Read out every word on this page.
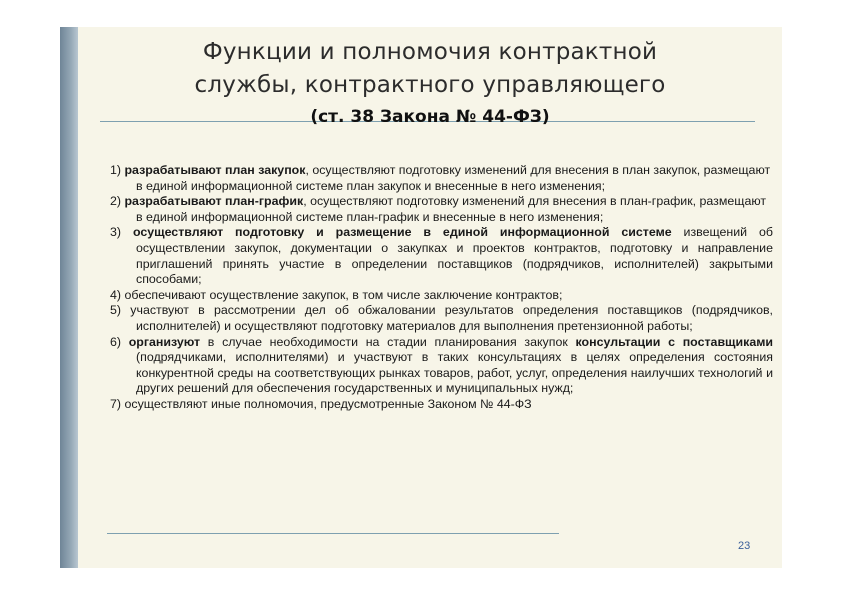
Функции и полномочия контрактной
службы, контрактного управляющего
(ст. 38 Закона № 44-ФЗ)

1) разрабатывают план закупок, осуществляют подготовку изменений для внесения в план закупок, размещают в единой информационной системе план закупок и внесенные в него изменения;

2) разрабатывают план-график, осуществляют подготовку изменений для внесения в план-график, размещают в единой информационной системе план-график и внесенные в него изменения;

3) осуществляют подготовку и размещение в единой информационной системе извещений об осуществлении закупок, документации о закупках и проектов контрактов, подготовку и направление приглашений принять участие в определении поставщиков (подрядчиков, исполнителей) закрытыми способами;

4) обеспечивают осуществление закупок, в том числе заключение контрактов;

5) участвуют в рассмотрении дел об обжаловании результатов определения поставщиков (подрядчиков, исполнителей) и осуществляют подготовку материалов для выполнения претензионной работы;

6) организуют в случае необходимости на стадии планирования закупок консультации с поставщиками (подрядчиками, исполнителями) и участвуют в таких консультациях в целях определения состояния конкурентной среды на соответствующих рынках товаров, работ, услуг, определения наилучших технологий и других решений для обеспечения государственных и муниципальных нужд;

7) осуществляют иные полномочия, предусмотренные Законом № 44-ФЗ

23
